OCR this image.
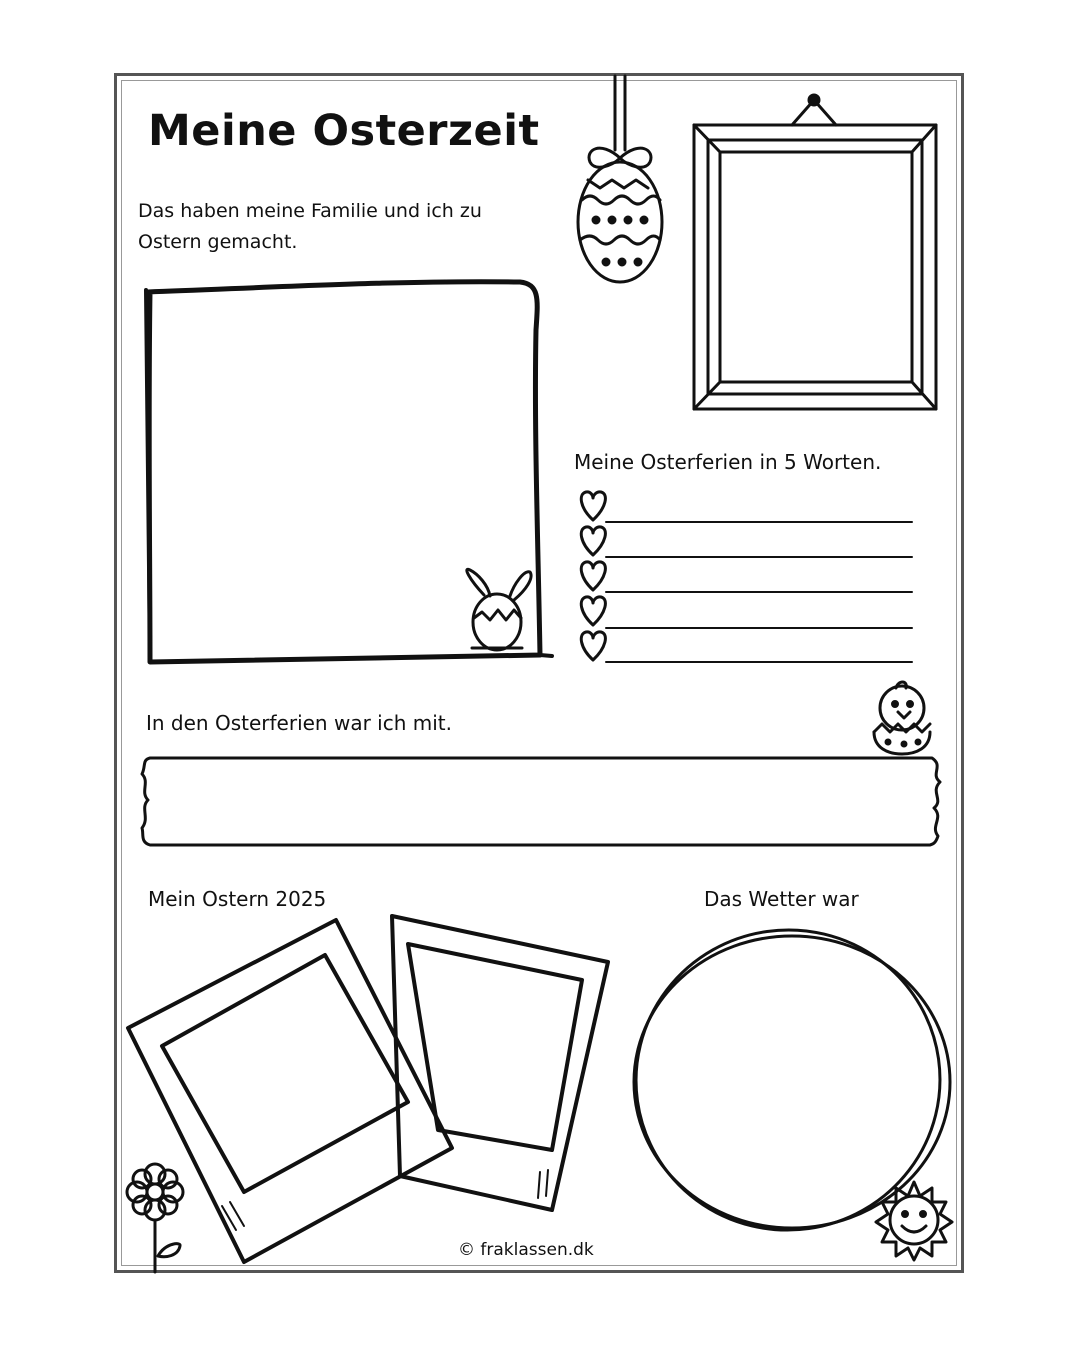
Meine Osterzeit
Das haben meine Familie und ich zu Ostern gemacht.
Meine Osterferien in 5 Worten.
In den Osterferien war ich mit.
Mein Ostern 2025	Das Wetter war
© fraklassen.dk
